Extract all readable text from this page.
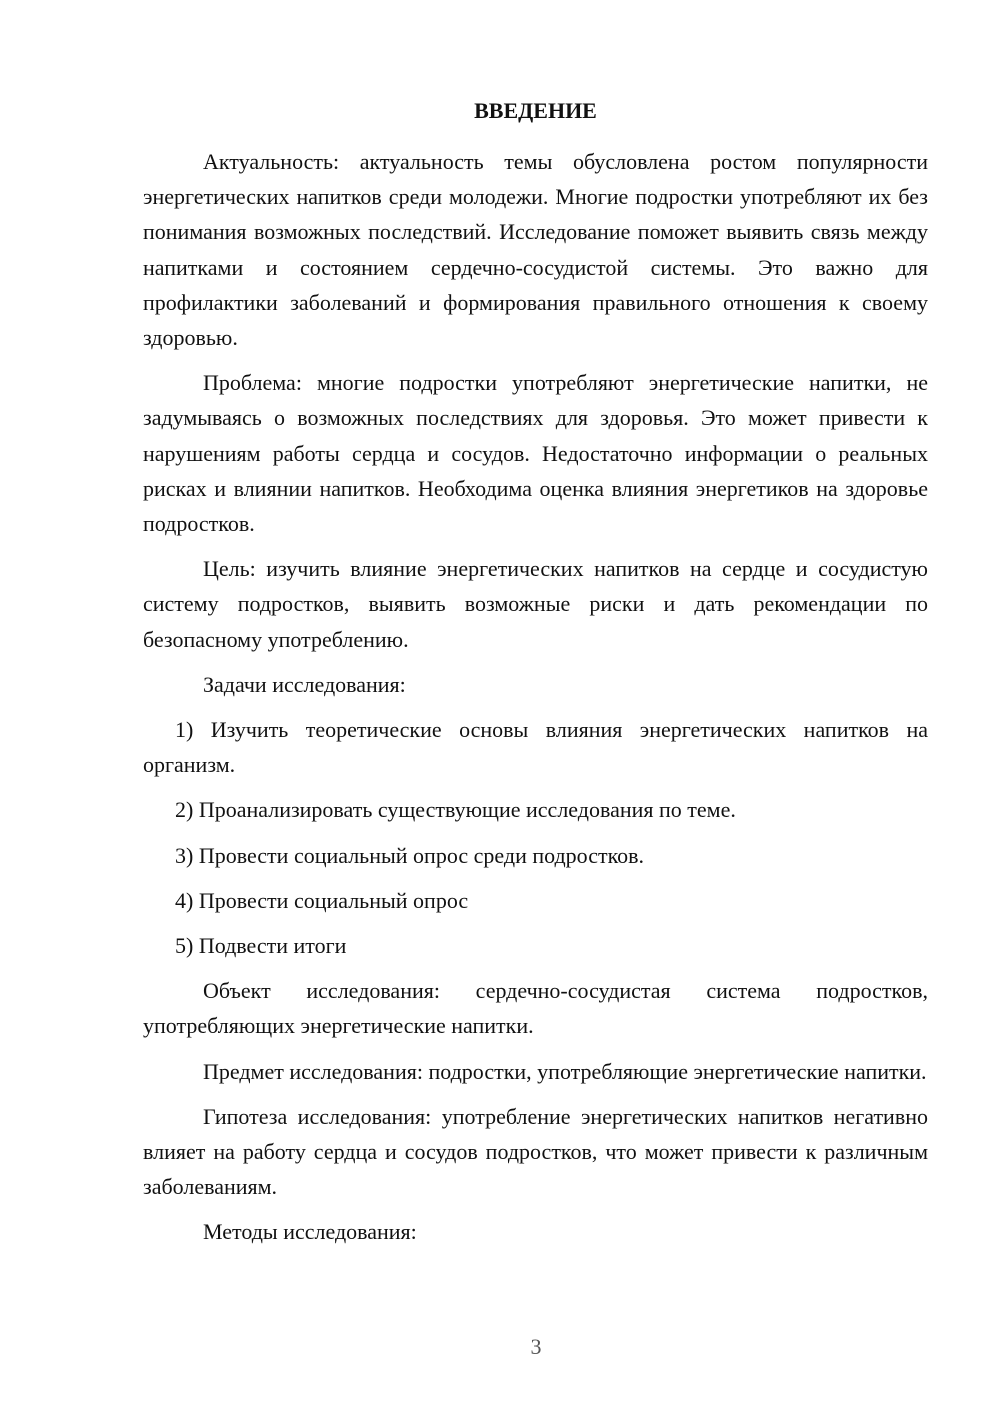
ВВЕДЕНИЕ

Актуальность: актуальность темы обусловлена ростом популярности энергетических напитков среди молодежи. Многие подростки употребляют их без понимания возможных последствий. Исследование поможет выявить связь между напитками и состоянием сердечно-сосудистой системы. Это важно для профилактики заболеваний и формирования правильного отношения к своему здоровью.

Проблема: многие подростки употребляют энергетические напитки, не задумываясь о возможных последствиях для здоровья. Это может привести к нарушениям работы сердца и сосудов. Недостаточно информации о реальных рисках и влиянии напитков. Необходима оценка влияния энергетиков на здоровье подростков.

Цель: изучить влияние энергетических напитков на сердце и сосудистую систему подростков, выявить возможные риски и дать рекомендации по безопасному употреблению.

Задачи исследования:

1) Изучить теоретические основы влияния энергетических напитков на организм.

2) Проанализировать существующие исследования по теме.

3) Провести социальный опрос среди подростков.

4) Провести социальный опрос

5) Подвести итоги

Объект исследования: сердечно-сосудистая система подростков, употребляющих энергетические напитки.

Предмет исследования: подростки, употребляющие энергетические напитки.

Гипотеза исследования: употребление энергетических напитков негативно влияет на работу сердца и сосудов подростков, что может привести к различным заболеваниям.

Методы исследования:

3
